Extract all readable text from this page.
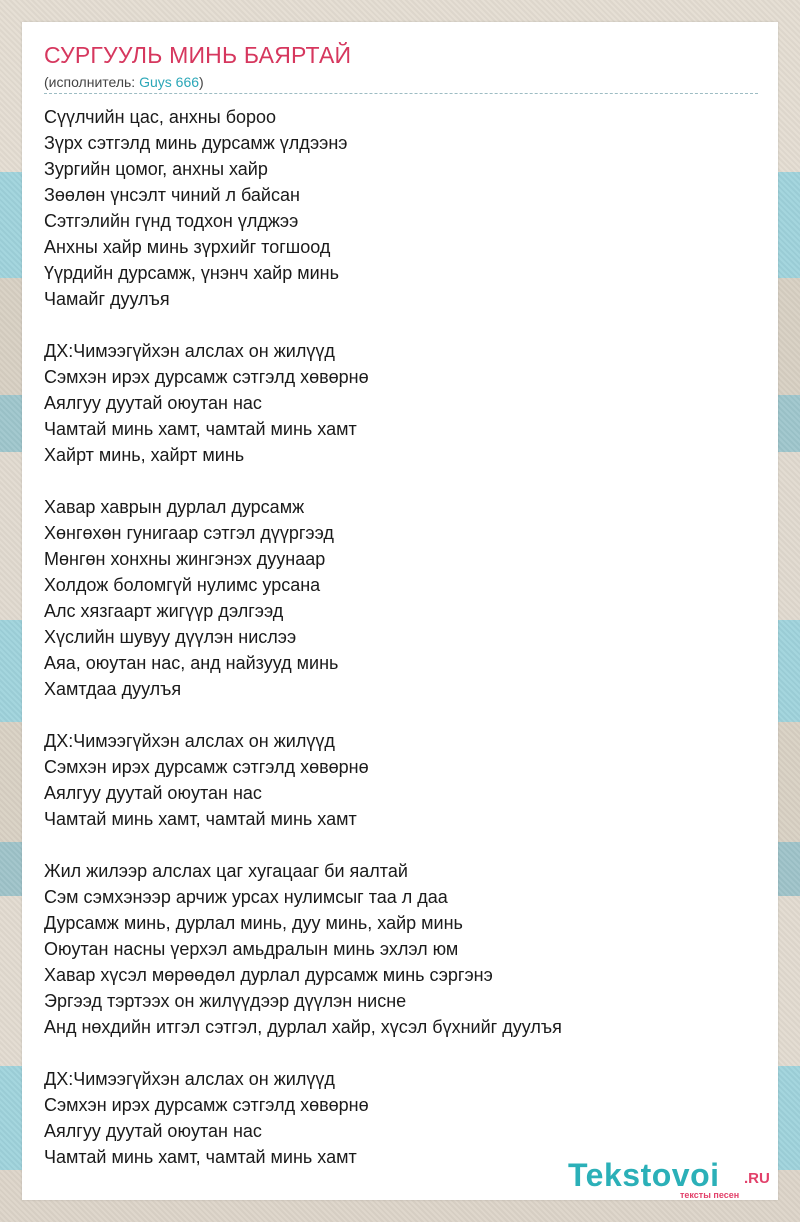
СУРГУУЛЬ МИНЬ БАЯРТАЙ
(исполнитель: Guys 666)
Сүүлчийн цас, анхны бороо
Зүрх сэтгэлд минь дурсамж үлдээнэ
Зургийн цомог, анхны хайр
Зөөлөн үнсэлт чиний л байсан
Сэтгэлийн гүнд тодхон үлджээ
Анхны хайр минь зүрхийг тогшоод
Үүрдийн дурсамж, үнэнч хайр минь
Чамайг дуулъя
ДХ:Чимээгүйхэн алслах он жилүүд
Сэмхэн ирэх дурсамж сэтгэлд хөвөрнө
Аялгуу дуутай оюутан нас
Чамтай минь хамт, чамтай минь хамт
Хайрт минь, хайрт минь
Хавар хаврын дурлал дурсамж
Хөнгөхөн гунигаар сэтгэл дүүргээд
Мөнгөн хонхны жингэнэх дуунаар
Холдож боломгүй нулимс урсана
Алс хязгаарт жигүүр дэлгээд
Хүслийн шувуу дүүлэн нислээ
Аяа, оюутан нас, анд найзууд минь
Хамтдаа дуулъя
ДХ:Чимээгүйхэн алслах он жилүүд
Сэмхэн ирэх дурсамж сэтгэлд хөвөрнө
Аялгуу дуутай оюутан нас
Чамтай минь хамт, чамтай минь хамт
Жил жилээр алслах цаг хугацааг би яалтай
Сэм сэмхэнээр арчиж урсах нулимсыг таа л даа
Дурсамж минь, дурлал минь, дуу минь, хайр минь
Оюутан насны үерхэл амьдралын минь эхлэл юм
Хавар хүсэл мөрөөдөл дурлал дурсамж минь сэргэнэ
Эргээд тэртээх он жилүүдээр дүүлэн нисне
Анд нөхдийн итгэл сэтгэл, дурлал хайр, хүсэл бүхнийг дуулъя
ДХ:Чимээгүйхэн алслах он жилүүд
Сэмхэн ирэх дурсамж сэтгэлд хөвөрнө
Аялгуу дуутай оюутан нас
Чамтай минь хамт, чамтай минь хамт	Tekstovoi .RU
тексты песен
